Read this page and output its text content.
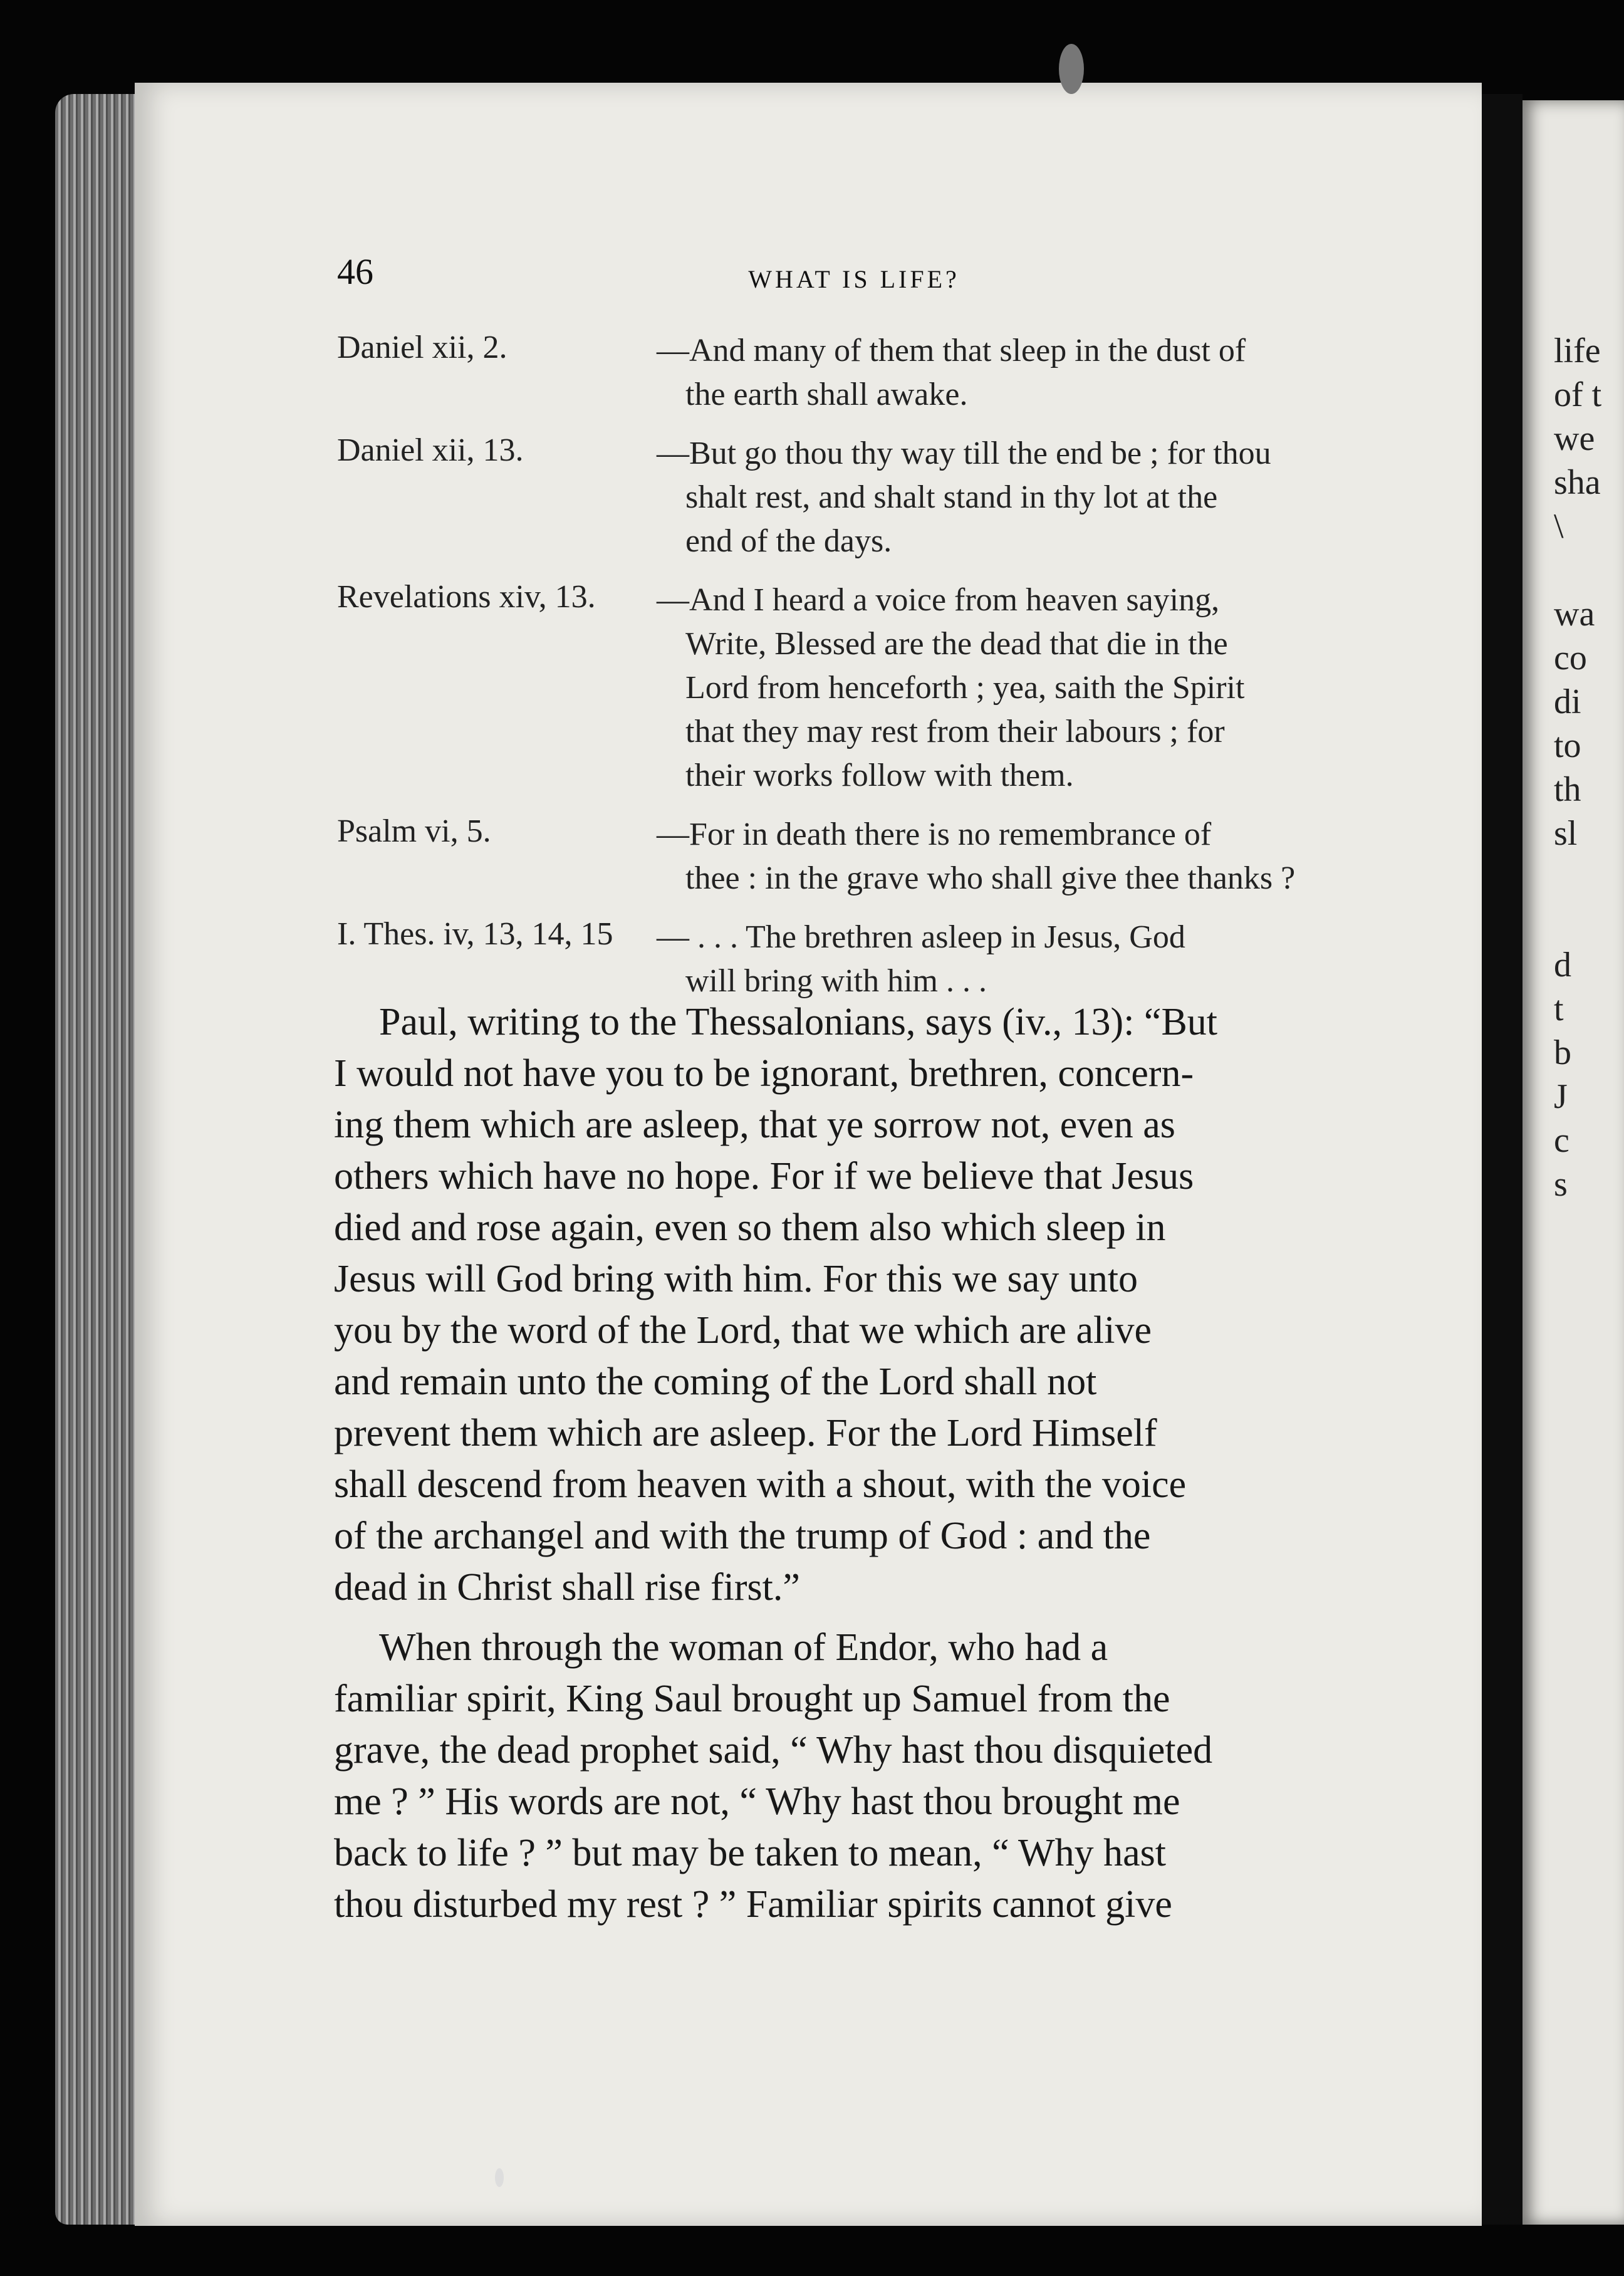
46	WHAT IS LIFE?
Daniel xii, 2.	—And many of them that sleep in the dust of
the earth shall awake.
Daniel xii, 13.	—But go thou thy way till the end be ; for thou
shalt rest, and shalt stand in thy lot at the
end of the days.
Revelations xiv, 13. —And I heard a voice from heaven saying,
Write, Blessed are the dead that die in the
Lord from henceforth ; yea, saith the Spirit
that they may rest from their labours ; for
their works follow with them.
Psalm vi, 5.	—For in death there is no remembrance of
thee : in the grave who shall give thee thanks ?
I. Thes. iv, 13, 14, 15 — . . . The brethren asleep in Jesus, God
will bring with him . . .
Paul, writing to the Thessalonians, says (iv., 13): “But
I would not have you to be ignorant, brethren, concern-
ing them which are asleep, that ye sorrow not, even as
others which have no hope. For if we believe that Jesus
died and rose again, even so them also which sleep in
Jesus will God bring with him. For this we say unto
you by the word of the Lord, that we which are alive
and remain unto the coming of the Lord shall not
prevent them which are asleep. For the Lord Himself
shall descend from heaven with a shout, with the voice
of the archangel and with the trump of God : and the
dead in Christ shall rise first.”
When through the woman of Endor, who had a
familiar spirit, King Saul brought up Samuel from the
grave, the dead prophet said, “ Why hast thou disquieted
me ? ” His words are not, “ Why hast thou brought me
back to life ? ” but may be taken to mean, “ Why hast
thou disturbed my rest ? ” Familiar spirits cannot give
life
of t
we
sha
\

wa
co
di
to
th
sl

d
t
b
J
c
s
